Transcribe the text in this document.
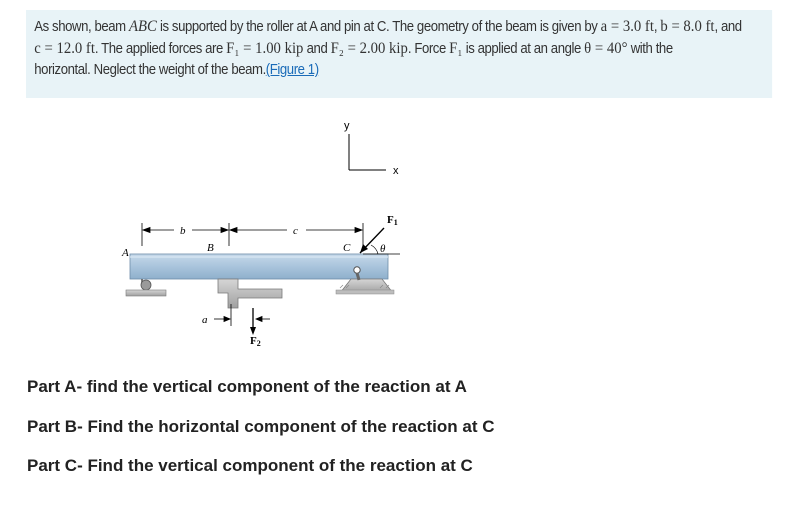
As shown, beam ABC is supported by the roller at A and pin at C. The geometry of the beam is given by a = 3.0 ft, b = 8.0 ft, and
c = 12.0 ft. The applied forces are F₁ = 1.00 kip and F₂ = 2.00 kip. Force F₁ is applied at an angle θ = 40° with the
horizontal. Neglect the weight of the beam.(Figure 1)
y
x
b	c
A	B	C
F1
θ
F2
a
Part A- find the vertical component of the reaction at A
Part B- Find the horizontal component of the reaction at C
Part C- Find the vertical component of the reaction at C
